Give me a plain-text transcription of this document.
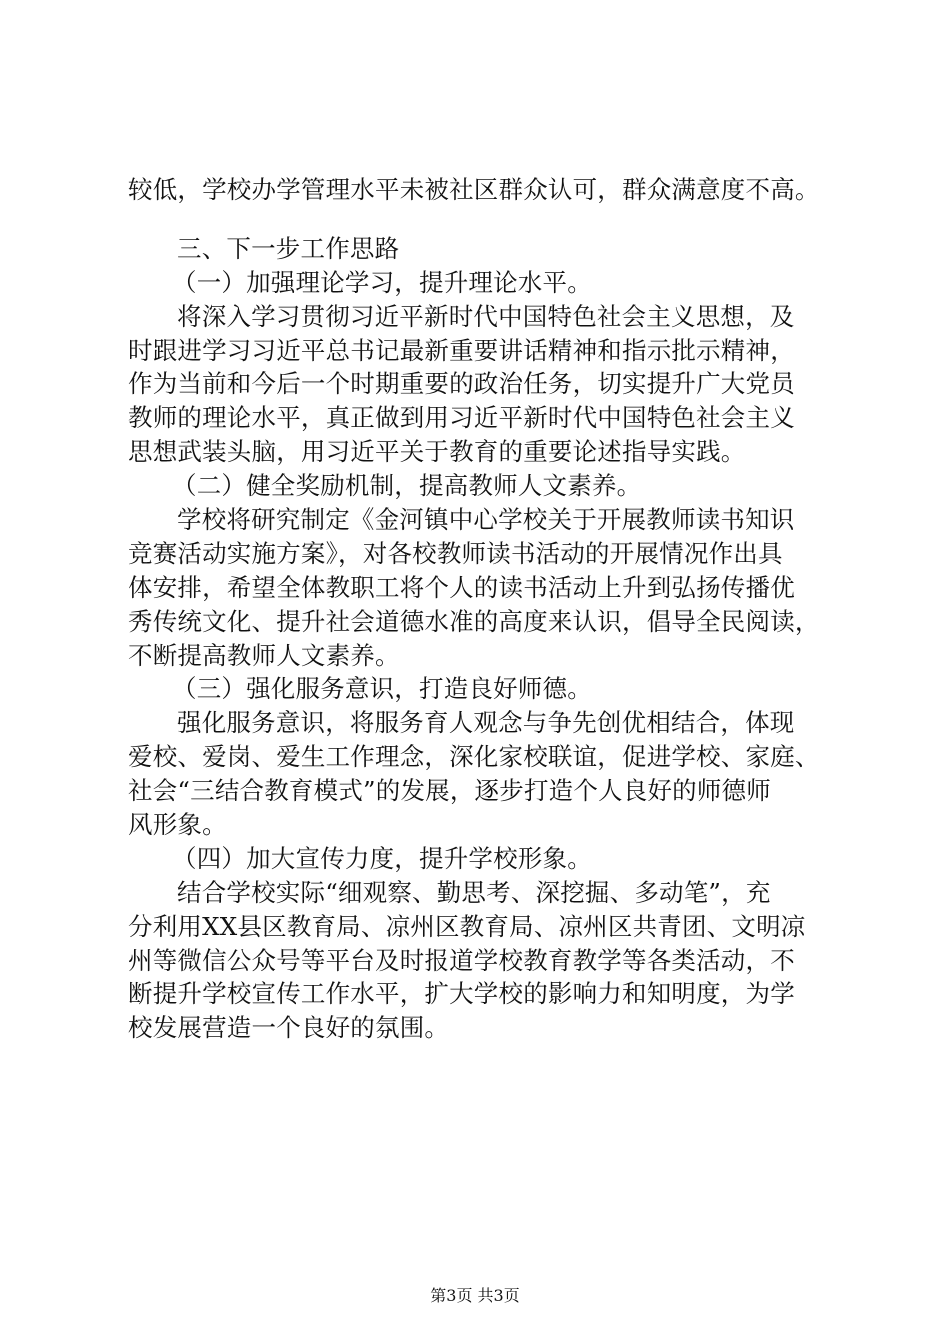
较低，学校办学管理水平未被社区群众认可，群众满意度不高。
三、下一步工作思路
（一）加强理论学习，提升理论水平。
将深入学习贯彻习近平新时代中国特色社会主义思想，及
时跟进学习习近平总书记最新重要讲话精神和指示批示精神，
作为当前和今后一个时期重要的政治任务，切实提升广大党员
教师的理论水平，真正做到用习近平新时代中国特色社会主义
思想武装头脑，用习近平关于教育的重要论述指导实践。
（二）健全奖励机制，提高教师人文素养。
学校将研究制定《金河镇中心学校关于开展教师读书知识
竞赛活动实施方案》，对各校教师读书活动的开展情况作出具
体安排，希望全体教职工将个人的读书活动上升到弘扬传播优
秀传统文化、提升社会道德水准的高度来认识，倡导全民阅读，
不断提高教师人文素养。
（三）强化服务意识，打造良好师德。
强化服务意识，将服务育人观念与争先创优相结合，体现
爱校、爱岗、爱生工作理念，深化家校联谊，促进学校、家庭、
社会“三结合教育模式”的发展，逐步打造个人良好的师德师
风形象。
（四）加大宣传力度，提升学校形象。
结合学校实际“细观察、勤思考、深挖掘、多动笔”，充
分利用XX县区教育局、凉州区教育局、凉州区共青团、文明凉
州等微信公众号等平台及时报道学校教育教学等各类活动，不
断提升学校宣传工作水平，扩大学校的影响力和知明度，为学
校发展营造一个良好的氛围。
第3页 共3页
